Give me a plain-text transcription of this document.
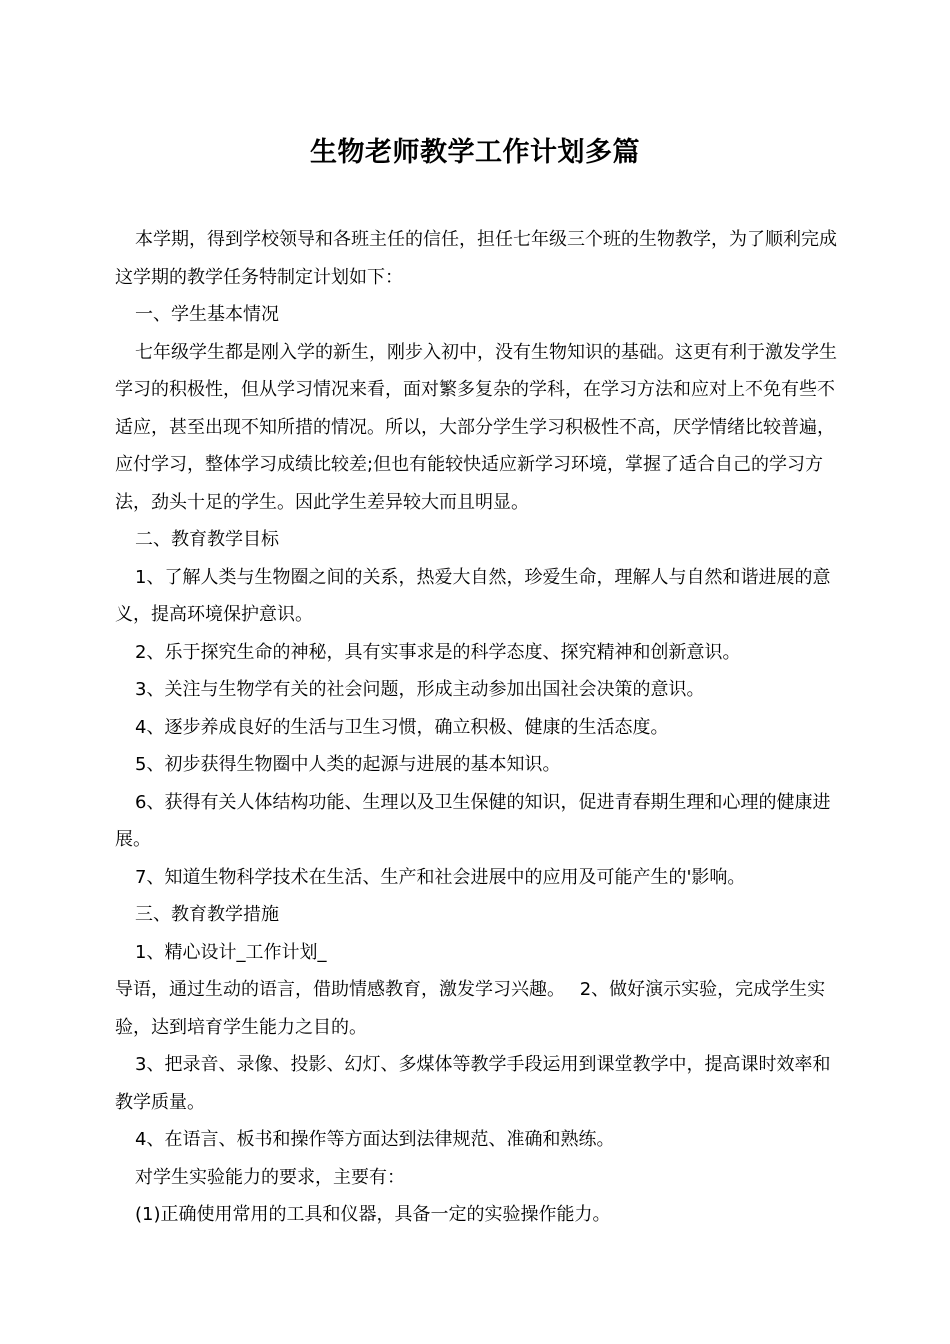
生物老师教学工作计划多篇

本学期，得到学校领导和各班主任的信任，担任七年级三个班的生物教学，为了顺利完成这学期的教学任务特制定计划如下：

一、学生基本情况

七年级学生都是刚入学的新生，刚步入初中，没有生物知识的基础。这更有利于激发学生学习的积极性，但从学习情况来看，面对繁多复杂的学科，在学习方法和应对上不免有些不适应，甚至出现不知所措的情况。所以，大部分学生学习积极性不高，厌学情绪比较普遍，应付学习，整体学习成绩比较差;但也有能较快适应新学习环境，掌握了适合自己的学习方法，劲头十足的学生。因此学生差异较大而且明显。

二、教育教学目标

1、了解人类与生物圈之间的关系，热爱大自然，珍爱生命，理解人与自然和谐进展的意义，提高环境保护意识。

2、乐于探究生命的神秘，具有实事求是的科学态度、探究精神和创新意识。

3、关注与生物学有关的社会问题，形成主动参加出国社会决策的意识。

4、逐步养成良好的生活与卫生习惯，确立积极、健康的生活态度。

5、初步获得生物圈中人类的起源与进展的基本知识。

6、获得有关人体结构功能、生理以及卫生保健的知识，促进青春期生理和心理的健康进展。

7、知道生物科学技术在生活、生产和社会进展中的应用及可能产生的'影响。

三、教育教学措施

1、精心设计_工作计划_

导语，通过生动的语言，借助情感教育，激发学习兴趣。　 2、做好演示实验，完成学生实验，达到培育学生能力之目的。

3、把录音、录像、投影、幻灯、多煤体等教学手段运用到课堂教学中，提高课时效率和教学质量。

4、在语言、板书和操作等方面达到法律规范、准确和熟练。

对学生实验能力的要求，主要有：

(1)正确使用常用的工具和仪器，具备一定的实验操作能力。
